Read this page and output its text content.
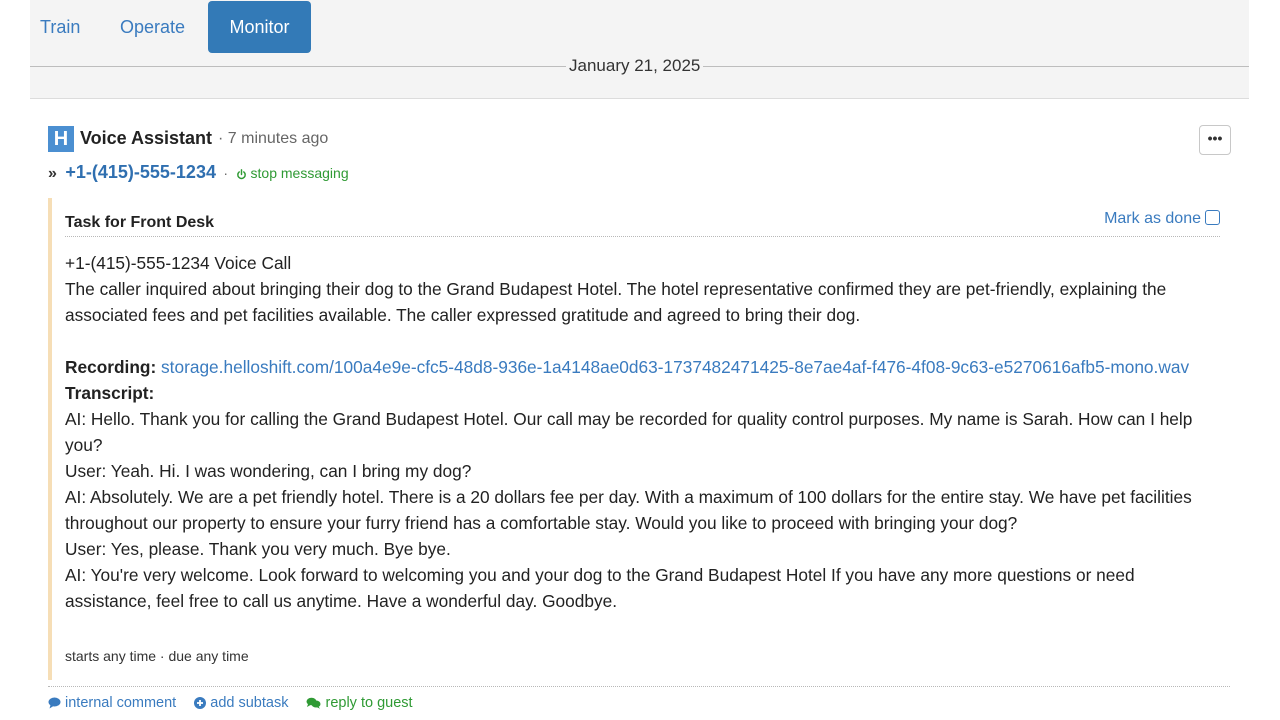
Train Operate	Monitor
January 21, 2025
H Voice Assistant · 7 minutes ago	•••
» +1-(415)-555-1234 · stop messaging
Task for Front Desk	Mark as done

+1-(415)-555-1234 Voice Call

The caller inquired about bringing their dog to the Grand Budapest Hotel. The hotel representative confirmed they are pet-friendly, explaining the associated fees and pet facilities available. The caller expressed gratitude and agreed to bring their dog.

Recording: storage.helloshift.com/100a4e9e-cfc5-48d8-936e-1a4148ae0d63-1737482471425-8e7ae4af-f476-4f08-9c63-e5270616afb5-mono.wav

Transcript:

AI: Hello. Thank you for calling the Grand Budapest Hotel. Our call may be recorded for quality control purposes. My name is Sarah. How can I help you?

User: Yeah. Hi. I was wondering, can I bring my dog?

AI: Absolutely. We are a pet friendly hotel. There is a 20 dollars fee per day. With a maximum of 100 dollars for the entire stay. We have pet facilities throughout our property to ensure your furry friend has a comfortable stay. Would you like to proceed with bringing your dog?

User: Yes, please. Thank you very much. Bye bye.

AI: You're very welcome. Look forward to welcoming you and your dog to the Grand Budapest Hotel If you have any more questions or need assistance, feel free to call us anytime. Have a wonderful day. Goodbye.

starts any time · due any time
internal comment add subtask	reply to guest
